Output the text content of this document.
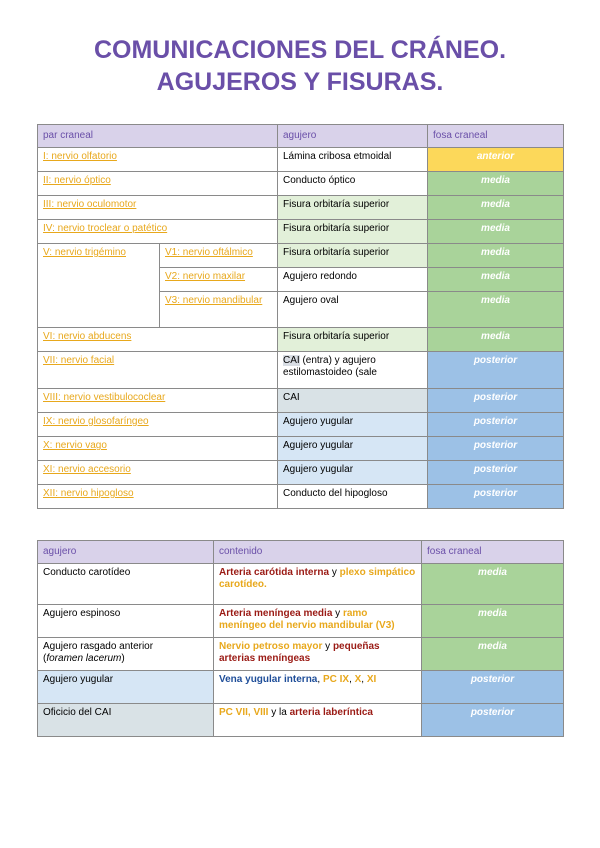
COMUNICACIONES DEL CRÁNEO.
AGUJEROS Y FISURAS.
par craneal		agujero	fosa craneal
I: nervio olfatorio		Lámina cribosa etmoidal	anterior
II: nervio óptico		Conducto óptico	media
III: nervio oculomotor		Fisura orbitaría superior	media
IV: nervio troclear o patético		Fisura orbitaría superior	media
V: nervio trigémino	V1: nervio oftálmico	Fisura orbitaría superior	media
	V2: nervio maxilar	Agujero redondo	media
	V3: nervio mandibular	Agujero oval	media
VI: nervio abducens		Fisura orbitaría superior	media
VII: nervio facial		CAI (entra) y agujero estilomastoideo (sale	posterior
VIII: nervio vestibulococlear		CAI	posterior
IX: nervio glosofaríngeo		Agujero yugular	posterior
X: nervio vago		Agujero yugular	posterior
XI: nervio accesorio		Agujero yugular	posterior
XII: nervio hipogloso		Conducto del hipogloso	posterior
agujero	contenido	fosa craneal
Conducto carotídeo	Arteria carótida interna y plexo simpático carotídeo.	media
Agujero espinoso	Arteria meníngea media y ramo meníngeo del nervio mandibular (V3)	media
Agujero rasgado anterior
(foramen lacerum)	Nervio petroso mayor y pequeñas arterias meníngeas	media
Agujero yugular	Vena yugular interna, PC IX, X, XI	posterior
Oficicio del CAI	PC VII, VIII y la arteria laberíntica	posterior
